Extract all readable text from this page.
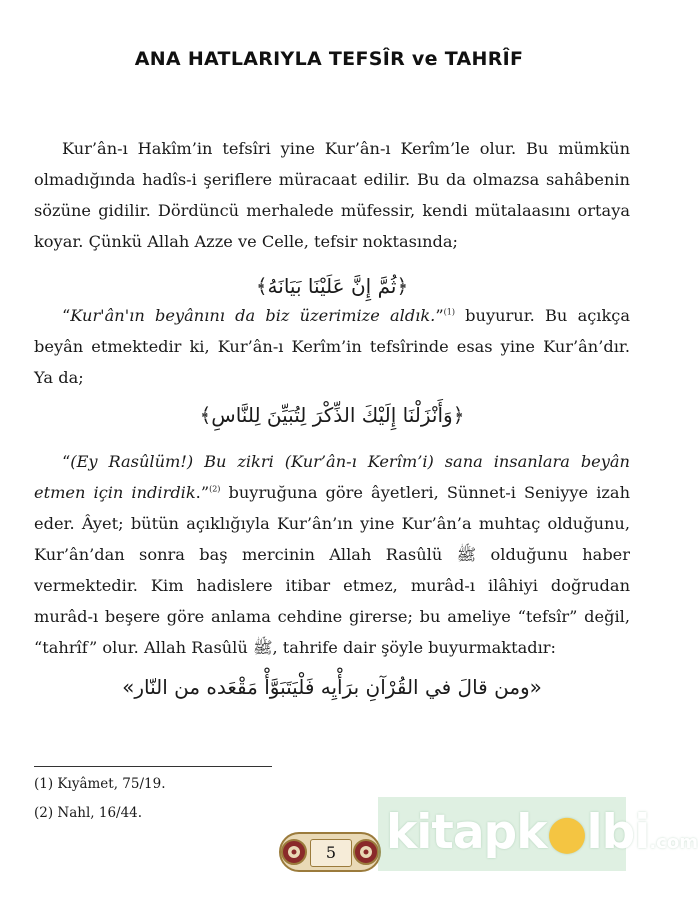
ANA HATLARIYLA TEFSÎR ve TAHRÎF

Kur’ân-ı Hakîm’in tefsîri yine Kur’ân-ı Kerîm’le olur. Bu mümkün olmadığında hadîs-i şeriflere müracaat edilir. Bu da olmazsa sahâbenin sözüne gidilir. Dördüncü merhalede müfessir, kendi mütalaasını ortaya koyar. Çünkü Allah Azze ve Celle, tefsir noktasında;

﴿ثُمَّ إِنَّ عَلَيْنَا بَيَانَهُ﴾

“Kur'ân'ın beyânını da biz üzerimize aldık.”$^{(1)}$ buyurur. Bu açıkça beyân etmektedir ki, Kur’ân-ı Kerîm’in tefsîrinde esas yine Kur’ân’dır. Ya da;

﴿وَأَنْزَلْنَا إِلَيْكَ الذِّكْرَ لِتُبَيِّنَ لِلنَّاسِ﴾

“(Ey Rasûlüm!) Bu zikri (Kur’ân-ı Kerîm’i) sana insanlara beyân etmen için indirdik.”$^{(2)}$ buyruğuna göre âyetleri, Sünnet-i Seniyye izah eder. Âyet; bütün açıklığıyla Kur’ân’ın yine Kur’ân’a muhtaç olduğunu, Kur’ân’dan sonra baş mercinin Allah Rasûlü ﷺ olduğunu haber vermektedir. Kim hadislere itibar etmez, murâd-ı ilâhiyi doğrudan murâd-ı beşere göre anlama cehdine girerse; bu ameliye “tefsîr” değil, “tahrîf” olur. Allah Rasûlü ﷺ, tahrife dair şöyle buyurmaktadır:

«ومن قالَ في القُرْآنِ برَأْيِه فَلْيَتَبَوَّأْ مَقْعَده من النّار»

(1) Kıyâmet, 75/19.
(2) Nahl, 16/44.
5	kitapk●lbi.com
